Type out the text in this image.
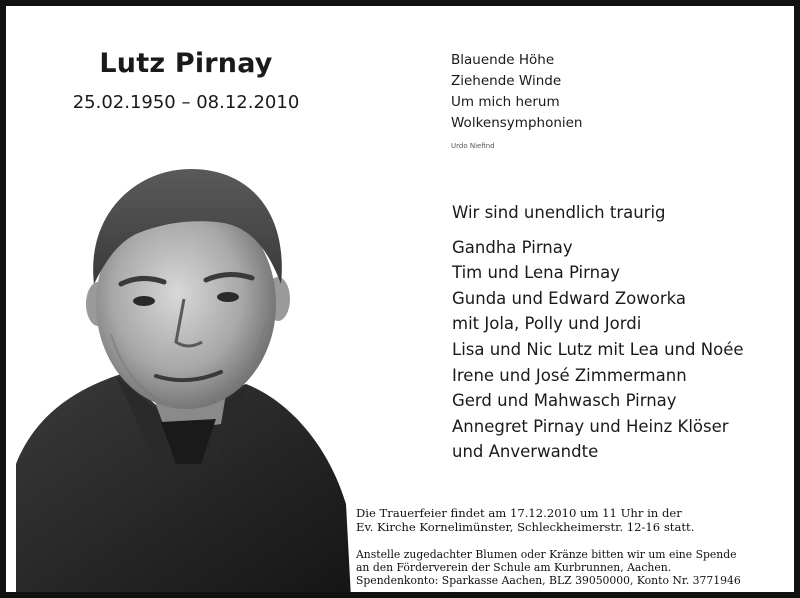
Lutz Pirnay
25.02.1950 – 08.12.2010
Blauende Höhe
Ziehende Winde
Um mich herum
Wolkensymphonien
Urdo Niefind
Wir sind unendlich traurig
Gandha Pirnay
Tim und Lena Pirnay
Gunda und Edward Zoworka
mit Jola, Polly und Jordi
Lisa und Nic Lutz mit Lea und Noée
Irene und José Zimmermann
Gerd und Mahwasch Pirnay
Annegret Pirnay und Heinz Klöser
und Anverwandte
Die Trauerfeier findet am 17.12.2010 um 11 Uhr in der
Ev. Kirche Kornelimünster, Schleckheimerstr. 12-16 statt.
Anstelle zugedachter Blumen oder Kränze bitten wir um eine Spende
an den Förderverein der Schule am Kurbrunnen, Aachen.
Spendenkonto: Sparkasse Aachen, BLZ 39050000, Konto Nr. 3771946
